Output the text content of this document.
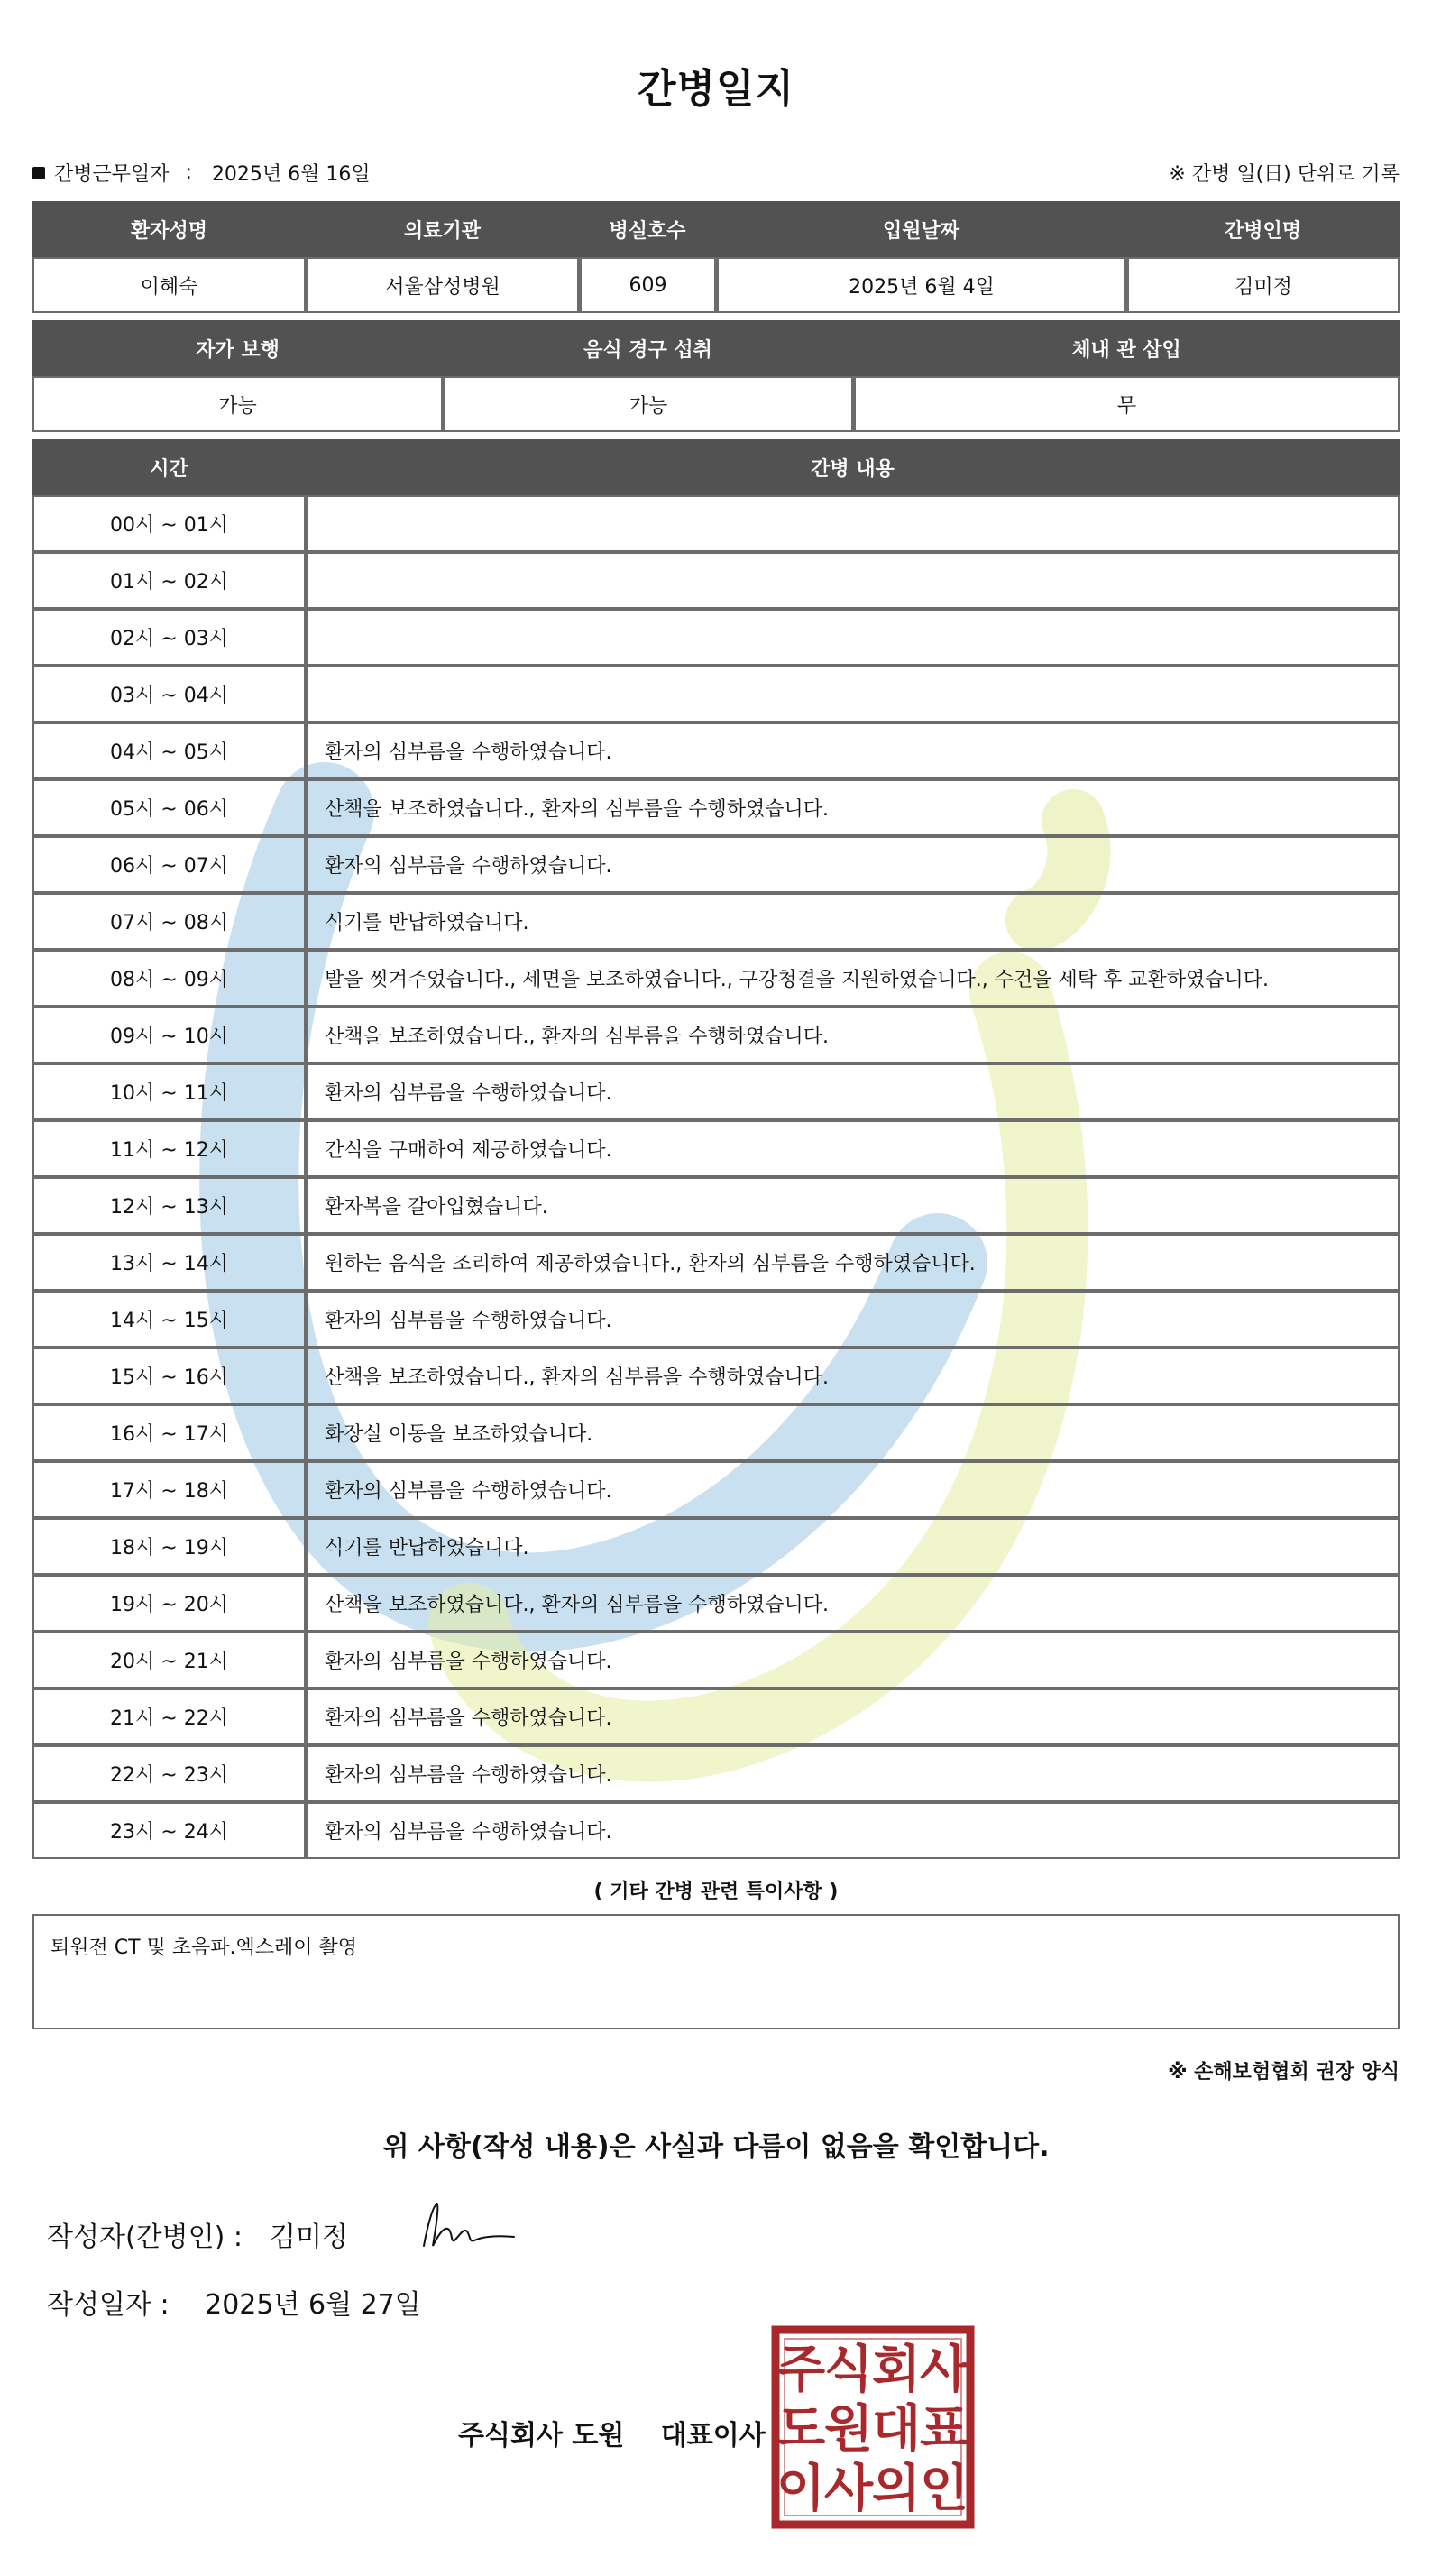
간병일지
간병근무일자 : 2025년 6월 16일	※ 간병 일(日) 단위로 기록
환자성명	의료기관	병실호수	입원날짜	간병인명
이혜숙	서울삼성병원	609	2025년 6월 4일	김미정
자가 보행	음식 경구 섭취	체내 관 삽입
가능	가능	무
시간	간병 내용
00시 ~ 01시	
01시 ~ 02시	
02시 ~ 03시	
03시 ~ 04시	
04시 ~ 05시	환자의 심부름을 수행하였습니다.
05시 ~ 06시	산책을 보조하였습니다., 환자의 심부름을 수행하였습니다.
06시 ~ 07시	환자의 심부름을 수행하였습니다.
07시 ~ 08시	식기를 반납하였습니다.
08시 ~ 09시	발을 씻겨주었습니다., 세면을 보조하였습니다., 구강청결을 지원하였습니다., 수건을 세탁 후 교환하였습니다.
09시 ~ 10시	산책을 보조하였습니다., 환자의 심부름을 수행하였습니다.
10시 ~ 11시	환자의 심부름을 수행하였습니다.
11시 ~ 12시	간식을 구매하여 제공하였습니다.
12시 ~ 13시	환자복을 갈아입혔습니다.
13시 ~ 14시	원하는 음식을 조리하여 제공하였습니다., 환자의 심부름을 수행하였습니다.
14시 ~ 15시	환자의 심부름을 수행하였습니다.
15시 ~ 16시	산책을 보조하였습니다., 환자의 심부름을 수행하였습니다.
16시 ~ 17시	화장실 이동을 보조하였습니다.
17시 ~ 18시	환자의 심부름을 수행하였습니다.
18시 ~ 19시	식기를 반납하였습니다.
19시 ~ 20시	산책을 보조하였습니다., 환자의 심부름을 수행하였습니다.
20시 ~ 21시	환자의 심부름을 수행하였습니다.
21시 ~ 22시	환자의 심부름을 수행하였습니다.
22시 ~ 23시	환자의 심부름을 수행하였습니다.
23시 ~ 24시	환자의 심부름을 수행하였습니다.
( 기타 간병 관련 특이사항 )
퇴원전 CT 및 초음파.엑스레이 촬영
※ 손해보험협회 권장 양식
위 사항(작성 내용)은 사실과 다름이 없음을 확인합니다.
작성자(간병인) : 김미정
작성일자 : 2025년 6월 27일
주식회사 도원 대표이사
주
식
회
사
도
원
대
표
이
사
의
인
